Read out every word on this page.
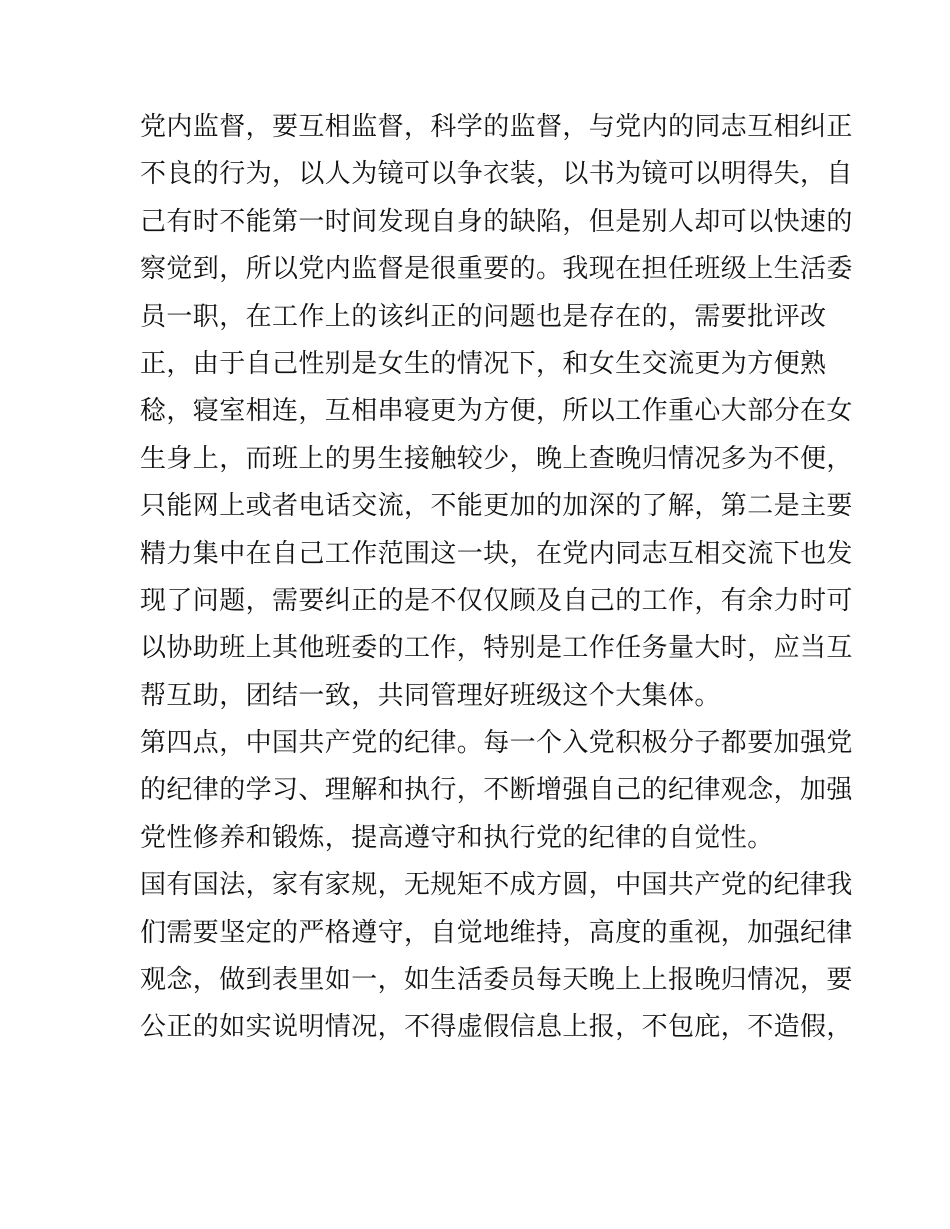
党内监督，要互相监督，科学的监督，与党内的同志互相纠正
不良的行为，以人为镜可以争衣装，以书为镜可以明得失，自
己有时不能第一时间发现自身的缺陷，但是别人却可以快速的
察觉到，所以党内监督是很重要的。我现在担任班级上生活委
员一职，在工作上的该纠正的问题也是存在的，需要批评改
正，由于自己性别是女生的情况下，和女生交流更为方便熟
稔，寝室相连，互相串寝更为方便，所以工作重心大部分在女
生身上，而班上的男生接触较少，晚上查晚归情况多为不便，
只能网上或者电话交流，不能更加的加深的了解，第二是主要
精力集中在自己工作范围这一块，在党内同志互相交流下也发
现了问题，需要纠正的是不仅仅顾及自己的工作，有余力时可
以协助班上其他班委的工作，特别是工作任务量大时，应当互
帮互助，团结一致，共同管理好班级这个大集体。
第四点，中国共产党的纪律。每一个入党积极分子都要加强党
的纪律的学习、理解和执行，不断增强自己的纪律观念，加强
党性修养和锻炼，提高遵守和执行党的纪律的自觉性。
国有国法，家有家规，无规矩不成方圆，中国共产党的纪律我
们需要坚定的严格遵守，自觉地维持，高度的重视，加强纪律
观念，做到表里如一，如生活委员每天晚上上报晚归情况，要
公正的如实说明情况，不得虚假信息上报，不包庇，不造假，
